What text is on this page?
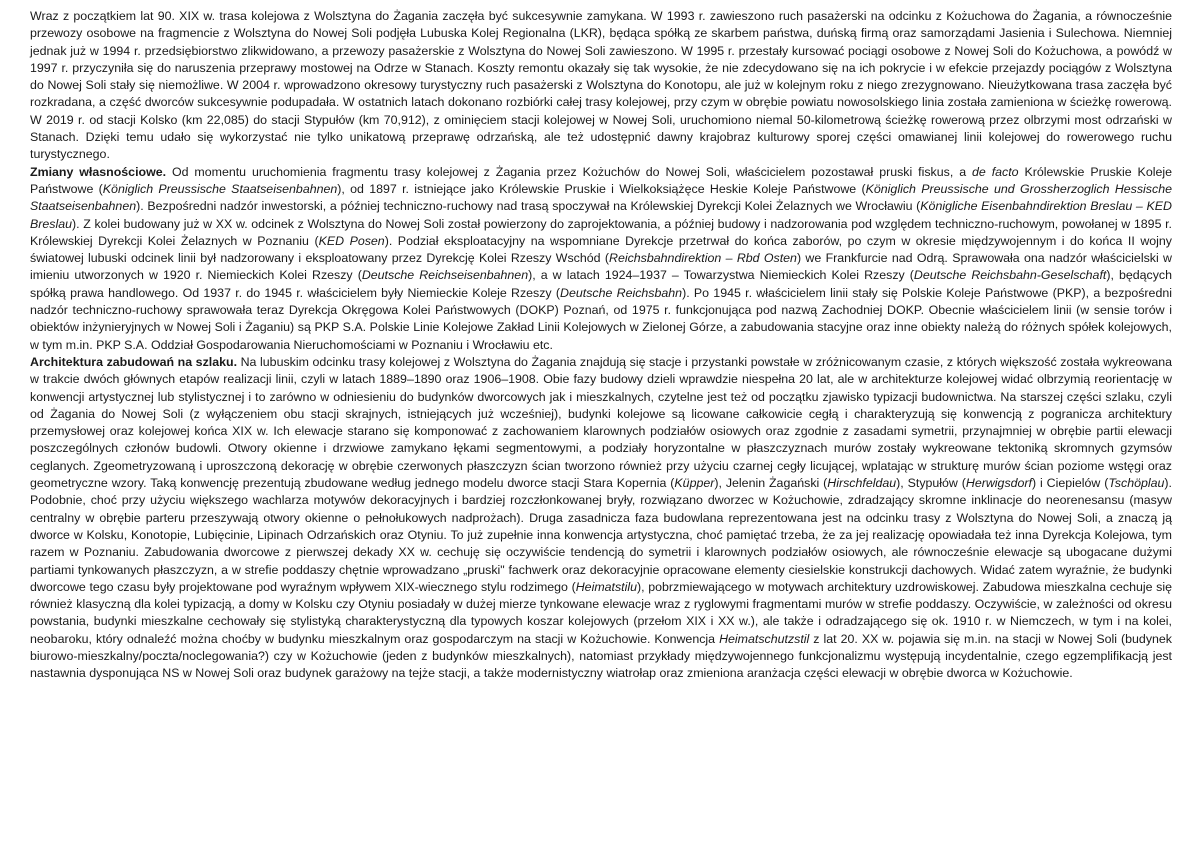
Wraz z początkiem lat 90. XIX w. trasa kolejowa z Wolsztyna do Żagania zaczęła być sukcesywnie zamykana. W 1993 r. zawieszono ruch pasażerski na odcinku z Kożuchowa do Żagania, a równocześnie przewozy osobowe na fragmencie z Wolsztyna do Nowej Soli podjęła Lubuska Kolej Regionalna (LKR), będąca spółką ze skarbem państwa, duńską firmą oraz samorządami Jasienia i Sulechowa. Niemniej jednak już w 1994 r. przedsiębiorstwo zlikwidowano, a przewozy pasażerskie z Wolsztyna do Nowej Soli zawieszono. W 1995 r. przestały kursować pociągi osobowe z Nowej Soli do Kożuchowa, a powódź w 1997 r. przyczyniła się do naruszenia przeprawy mostowej na Odrze w Stanach. Koszty remontu okazały się tak wysokie, że nie zdecydowano się na ich pokrycie i w efekcie przejazdy pociągów z Wolsztyna do Nowej Soli stały się niemożliwe. W 2004 r. wprowadzono okresowy turystyczny ruch pasażerski z Wolsztyna do Konotopu, ale już w kolejnym roku z niego zrezygnowano. Nieużytkowana trasa zaczęła być rozkradana, a część dworców sukcesywnie podupadała. W ostatnich latach dokonano rozbiórki całej trasy kolejowej, przy czym w obrębie powiatu nowosolskiego linia została zamieniona w ścieżkę rowerową. W 2019 r. od stacji Kolsko (km 22,085) do stacji Stypułów (km 70,912), z ominięciem stacji kolejowej w Nowej Soli, uruchomiono niemal 50-kilometrową ścieżkę rowerową przez olbrzymi most odrzański w Stanach. Dzięki temu udało się wykorzystać nie tylko unikatową przeprawę odrzańską, ale też udostępnić dawny krajobraz kulturowy sporej części omawianej linii kolejowej do rowerowego ruchu turystycznego.

Zmiany własnościowe. Od momentu uruchomienia fragmentu trasy kolejowej z Żagania przez Kożuchów do Nowej Soli, właścicielem pozostawał pruski fiskus, a de facto Królewskie Pruskie Koleje Państwowe (Königlich Preussische Staatseisenbahnen), od 1897 r. istniejące jako Królewskie Pruskie i Wielkoksiążęce Heskie Koleje Państwowe (Königlich Preussische und Grossherzoglich Hessische Staatseisenbahnen). Bezpośredni nadzór inwestorski, a później techniczno-ruchowy nad trasą spoczywał na Królewskiej Dyrekcji Kolei Żelaznych we Wrocławiu (Königliche Eisenbahndirektion Breslau – KED Breslau). Z kolei budowany już w XX w. odcinek z Wolsztyna do Nowej Soli został powierzony do zaprojektowania, a później budowy i nadzorowania pod względem techniczno-ruchowym, powołanej w 1895 r. Królewskiej Dyrekcji Kolei Żelaznych w Poznaniu (KED Posen). Podział eksploatacyjny na wspomniane Dyrekcje przetrwał do końca zaborów, po czym w okresie międzywojennym i do końca II wojny światowej lubuski odcinek linii był nadzorowany i eksploatowany przez Dyrekcję Kolei Rzeszy Wschód (Reichsbahndirektion – Rbd Osten) we Frankfurcie nad Odrą. Sprawowała ona nadzór właścicielski w imieniu utworzonych w 1920 r. Niemieckich Kolei Rzeszy (Deutsche Reichseisenbahnen), a w latach 1924–1937 – Towarzystwa Niemieckich Kolei Rzeszy (Deutsche Reichsbahn-Geselschaft), będących spółką prawa handlowego. Od 1937 r. do 1945 r. właścicielem były Niemieckie Koleje Rzeszy (Deutsche Reichsbahn). Po 1945 r. właścicielem linii stały się Polskie Koleje Państwowe (PKP), a bezpośredni nadzór techniczno-ruchowy sprawowała teraz Dyrekcja Okręgowa Kolei Państwowych (DOKP) Poznań, od 1975 r. funkcjonująca pod nazwą Zachodniej DOKP. Obecnie właścicielem linii (w sensie torów i obiektów inżynieryjnych w Nowej Soli i Żaganiu) są PKP S.A. Polskie Linie Kolejowe Zakład Linii Kolejowych w Zielonej Górze, a zabudowania stacyjne oraz inne obiekty należą do różnych spółek kolejowych, w tym m.in. PKP S.A. Oddział Gospodarowania Nieruchomościami w Poznaniu i Wrocławiu etc.

Architektura zabudowań na szlaku. Na lubuskim odcinku trasy kolejowej z Wolsztyna do Żagania znajdują się stacje i przystanki powstałe w zróżnicowanym czasie, z których większość została wykreowana w trakcie dwóch głównych etapów realizacji linii, czyli w latach 1889–1890 oraz 1906–1908. Obie fazy budowy dzieli wprawdzie niespełna 20 lat, ale w architekturze kolejowej widać olbrzymią reorientację w konwencji artystycznej lub stylistycznej i to zarówno w odniesieniu do budynków dworcowych jak i mieszkalnych, czytelne jest też od początku zjawisko typizacji budownictwa. Na starszej części szlaku, czyli od Żagania do Nowej Soli (z wyłączeniem obu stacji skrajnych, istniejących już wcześniej), budynki kolejowe są licowane całkowicie cegłą i charakteryzują się konwencją z pogranicza architektury przemysłowej oraz kolejowej końca XIX w. Ich elewacje starano się komponować z zachowaniem klarownych podziałów osiowych oraz zgodnie z zasadami symetrii, przynajmniej w obrębie partii elewacji poszczególnych członów budowli. Otwory okienne i drzwiowe zamykano łękami segmentowymi, a podziały horyzontalne w płaszczyznach murów zostały wykreowane tektoniką skromnych gzymsów ceglanych. Zgeometryzowaną i uproszczoną dekorację w obrębie czerwonych płaszczyzn ścian tworzono również przy użyciu czarnej cegły licującej, wplatając w strukturę murów ścian poziome wstęgi oraz geometryczne wzory. Taką konwencję prezentują zbudowane według jednego modelu dworce stacji Stara Kopernia (Küpper), Jelenin Żagański (Hirschfeldau), Stypułów (Herwigsdorf) i Ciepielów (Tschöplau). Podobnie, choć przy użyciu większego wachlarza motywów dekoracyjnych i bardziej rozczłonkowanej bryły, rozwiązano dworzec w Kożuchowie, zdradzający skromne inklinacje do neorenesansu (masyw centralny w obrębie parteru przeszywają otwory okienne o pełnołukowych nadprożach). Druga zasadnicza faza budowlana reprezentowana jest na odcinku trasy z Wolsztyna do Nowej Soli, a znaczą ją dworce w Kolsku, Konotopie, Lubięcinie, Lipinach Odrzańskich oraz Otyniu. To już zupełnie inna konwencja artystyczna, choć pamiętać trzeba, że za jej realizację opowiadała też inna Dyrekcja Kolejowa, tym razem w Poznaniu. Zabudowania dworcowe z pierwszej dekady XX w. cechuję się oczywiście tendencją do symetrii i klarownych podziałów osiowych, ale równocześnie elewacje są ubogacane dużymi partiami tynkowanych płaszczyzn, a w strefie poddaszy chętnie wprowadzano „pruski" fachwerk oraz dekoracyjnie opracowane elementy ciesielskie konstrukcji dachowych. Widać zatem wyraźnie, że budynki dworcowe tego czasu były projektowane pod wyraźnym wpływem XIX-wiecznego stylu rodzimego (Heimatstilu), pobrzmiewającego w motywach architektury uzdrowiskowej. Zabudowa mieszkalna cechuje się również klasyczną dla kolei typizacją, a domy w Kolsku czy Otyniu posiadały w dużej mierze tynkowane elewacje wraz z ryglowymi fragmentami murów w strefie poddaszy. Oczywiście, w zależności od okresu powstania, budynki mieszkalne cechowały się stylistyką charakterystyczną dla typowych koszar kolejowych (przełom XIX i XX w.), ale także i odradzającego się ok. 1910 r. w Niemczech, w tym i na kolei, neobaroku, który odnaleźć można choćby w budynku mieszkalnym oraz gospodarczym na stacji w Kożuchowie. Konwencja Heimatschutzstil z lat 20. XX w. pojawia się m.in. na stacji w Nowej Soli (budynek biurowo-mieszkalny/poczta/noclegowania?) czy w Kożuchowie (jeden z budynków mieszkalnych), natomiast przykłady międzywojennego funkcjonalizmu występują incydentalnie, czego egzemplifikacją jest nastawnia dysponująca NS w Nowej Soli oraz budynek garażowy na tejże stacji, a także modernistyczny wiatrołap oraz zmieniona aranżacja części elewacji w obrębie dworca w Kożuchowie.
